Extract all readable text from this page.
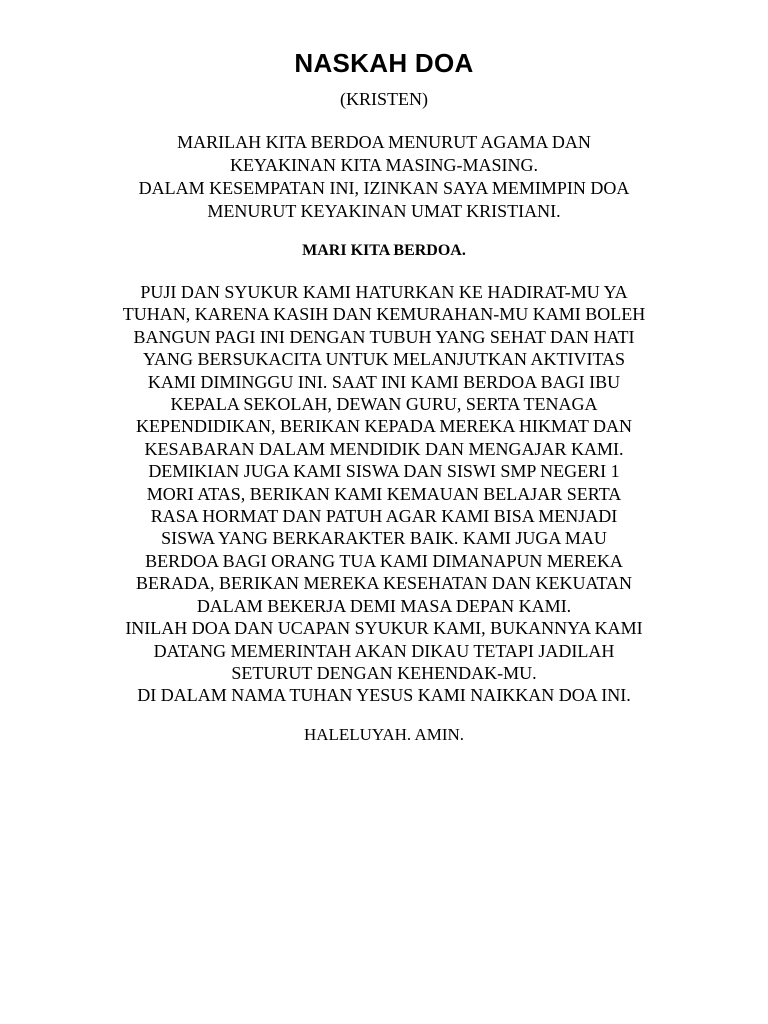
NASKAH DOA

(KRISTEN)

MARILAH KITA BERDOA MENURUT AGAMA DAN
KEYAKINAN KITA MASING-MASING.
DALAM KESEMPATAN INI, IZINKAN SAYA MEMIMPIN DOA
MENURUT KEYAKINAN UMAT KRISTIANI.

MARI KITA BERDOA.

PUJI DAN SYUKUR KAMI HATURKAN KE HADIRAT-MU YA
TUHAN, KARENA KASIH DAN KEMURAHAN-MU KAMI BOLEH
BANGUN PAGI INI DENGAN TUBUH YANG SEHAT DAN HATI
YANG BERSUKACITA UNTUK MELANJUTKAN AKTIVITAS
KAMI DIMINGGU INI. SAAT INI KAMI BERDOA BAGI IBU
KEPALA SEKOLAH, DEWAN GURU, SERTA TENAGA
KEPENDIDIKAN, BERIKAN KEPADA MEREKA HIKMAT DAN
KESABARAN DALAM MENDIDIK DAN MENGAJAR KAMI.
DEMIKIAN JUGA KAMI SISWA DAN SISWI SMP NEGERI 1
MORI ATAS, BERIKAN KAMI KEMAUAN BELAJAR SERTA
RASA HORMAT DAN PATUH AGAR KAMI BISA MENJADI
SISWA YANG BERKARAKTER BAIK. KAMI JUGA MAU
BERDOA BAGI ORANG TUA KAMI DIMANAPUN MEREKA
BERADA, BERIKAN MEREKA KESEHATAN DAN KEKUATAN
DALAM BEKERJA DEMI MASA DEPAN KAMI.
INILAH DOA DAN UCAPAN SYUKUR KAMI, BUKANNYA KAMI
DATANG MEMERINTAH AKAN DIKAU TETAPI JADILAH
SETURUT DENGAN KEHENDAK-MU.
DI DALAM NAMA TUHAN YESUS KAMI NAIKKAN DOA INI.

HALELUYAH. AMIN.
